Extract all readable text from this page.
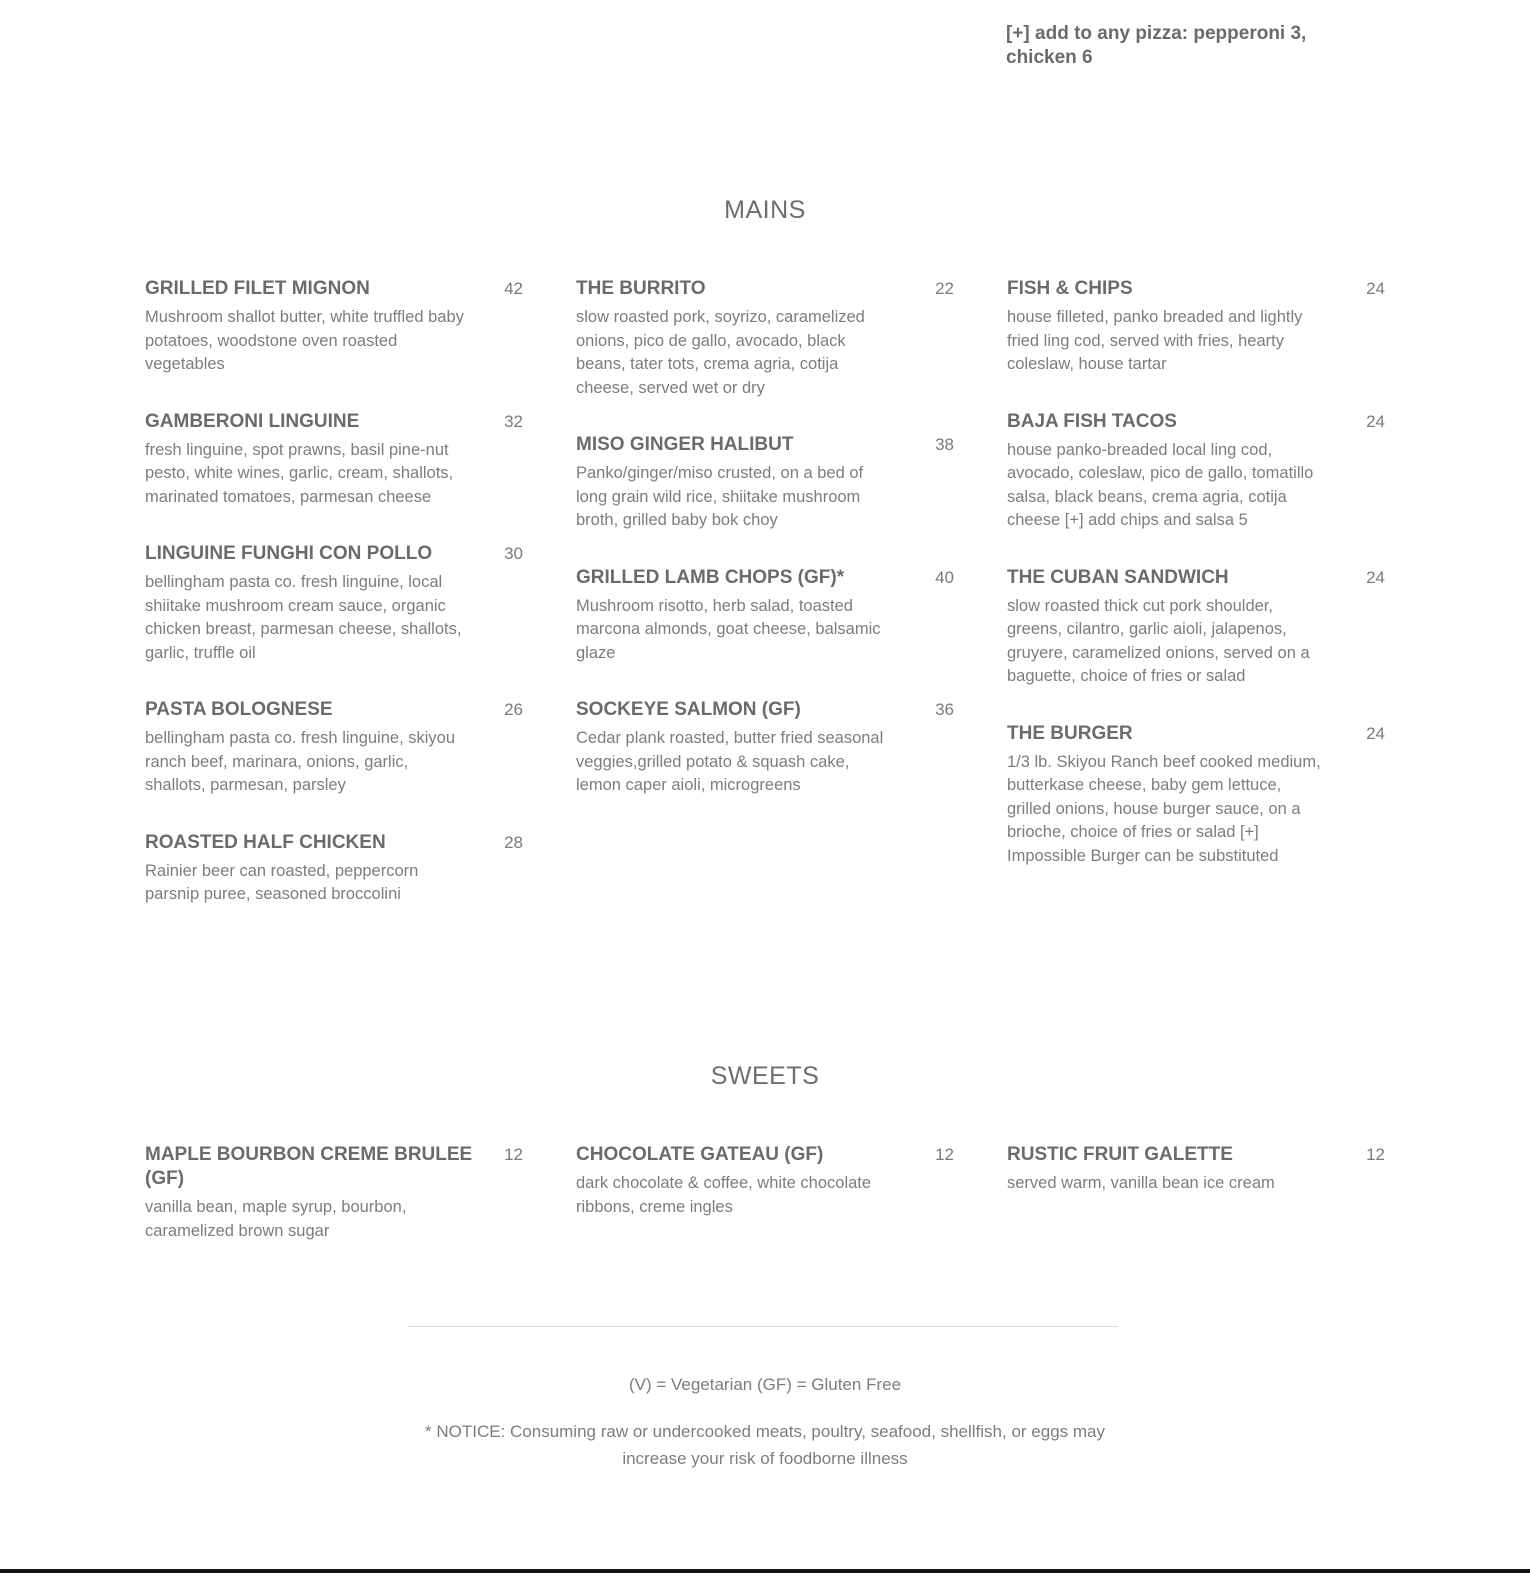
[+] add to any pizza: pepperoni 3, chicken 6

MAINS
GRILLED FILET MIGNON	42

Mushroom shallot butter, white truffled baby potatoes, woodstone oven roasted vegetables

GAMBERONI LINGUINE	32

fresh linguine, spot prawns, basil pine-nut pesto, white wines, garlic, cream, shallots, marinated tomatoes, parmesan cheese

LINGUINE FUNGHI CON POLLO	30

bellingham pasta co. fresh linguine, local shiitake mushroom cream sauce, organic chicken breast, parmesan cheese, shallots, garlic, truffle oil

PASTA BOLOGNESE	26

bellingham pasta co. fresh linguine, skiyou ranch beef, marinara, onions, garlic, shallots, parmesan, parsley

ROASTED HALF CHICKEN	28

Rainier beer can roasted, peppercorn parsnip puree, seasoned broccolini

THE BURRITO	22

slow roasted pork, soyrizo, caramelized onions, pico de gallo, avocado, black beans, tater tots, crema agria, cotija cheese, served wet or dry

MISO GINGER HALIBUT	38

Panko/ginger/miso crusted, on a bed of long grain wild rice, shiitake mushroom broth, grilled baby bok choy

GRILLED LAMB CHOPS (GF)*	40

Mushroom risotto, herb salad, toasted marcona almonds, goat cheese, balsamic glaze

SOCKEYE SALMON (GF)	36

Cedar plank roasted, butter fried seasonal veggies,grilled potato & squash cake, lemon caper aioli, microgreens

FISH & CHIPS	24

house filleted, panko breaded and lightly fried ling cod, served with fries, hearty coleslaw, house tartar

BAJA FISH TACOS	24

house panko-breaded local ling cod, avocado, coleslaw, pico de gallo, tomatillo salsa, black beans, crema agria, cotija cheese [+] add chips and salsa 5

THE CUBAN SANDWICH	24

slow roasted thick cut pork shoulder, greens, cilantro, garlic aioli, jalapenos, gruyere, caramelized onions, served on a baguette, choice of fries or salad

THE BURGER	24

1/3 lb. Skiyou Ranch beef cooked medium, butterkase cheese, baby gem lettuce, grilled onions, house burger sauce, on a brioche, choice of fries or salad [+] Impossible Burger can be substituted

SWEETS
MAPLE BOURBON CREME BRULEE (GF)
12

vanilla bean, maple syrup, bourbon, caramelized brown sugar

CHOCOLATE GATEAU (GF)	12

dark chocolate & coffee, white chocolate ribbons, creme ingles

RUSTIC FRUIT GALETTE	12

served warm, vanilla bean ice cream

(V) = Vegetarian (GF) = Gluten Free

* NOTICE: Consuming raw or undercooked meats, poultry, seafood, shellfish, or eggs may increase your risk of foodborne illness
